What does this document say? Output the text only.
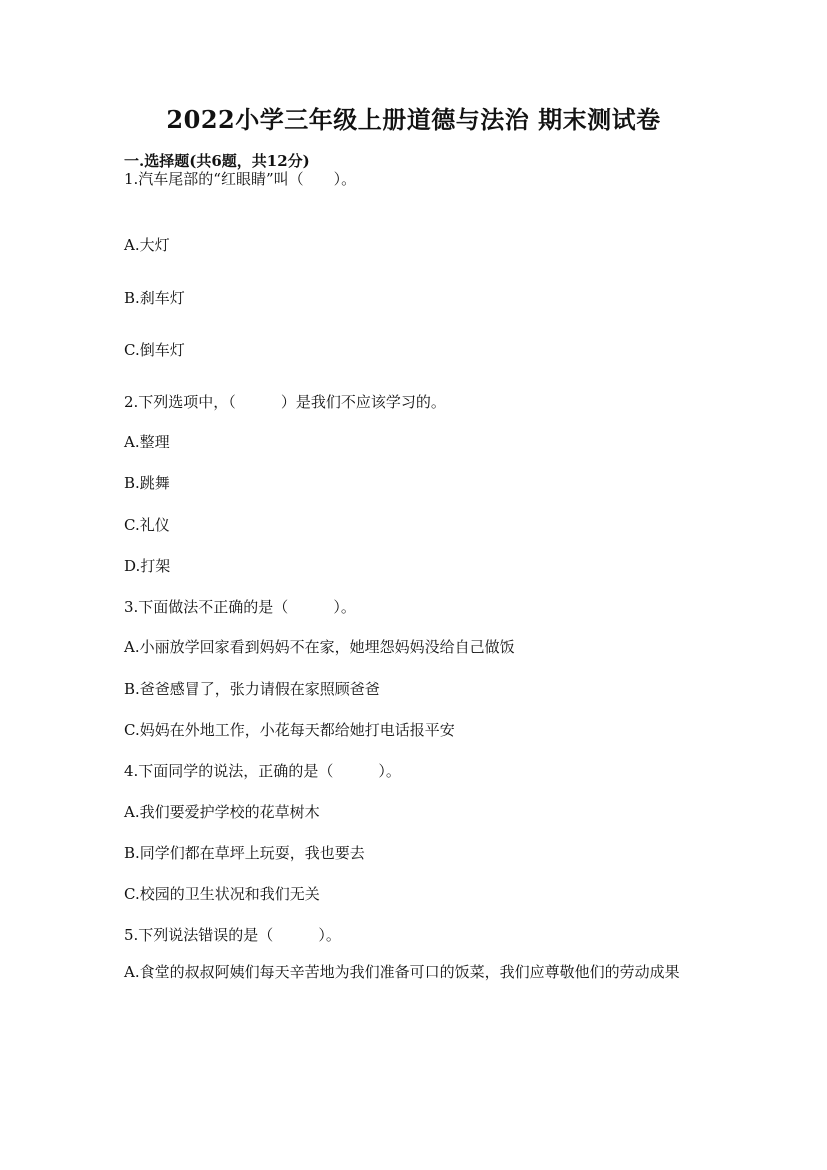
2022小学三年级上册道德与法治 期末测试卷
一.选择题(共6题，共12分)
1.汽车尾部的“红眼睛”叫（　　）。
A.大灯
B.刹车灯
C.倒车灯
2.下列选项中，（　　　）是我们不应该学习的。
A.整理
B.跳舞
C.礼仪
D.打架
3.下面做法不正确的是（　　　）。
A.小丽放学回家看到妈妈不在家，她埋怨妈妈没给自己做饭
B.爸爸感冒了，张力请假在家照顾爸爸
C.妈妈在外地工作，小花每天都给她打电话报平安
4.下面同学的说法，正确的是（　　　）。
A.我们要爱护学校的花草树木
B.同学们都在草坪上玩耍，我也要去
C.校园的卫生状况和我们无关
5.下列说法错误的是（　　　）。
A.食堂的叔叔阿姨们每天辛苦地为我们准备可口的饭菜，我们应尊敬他们的劳动成果
